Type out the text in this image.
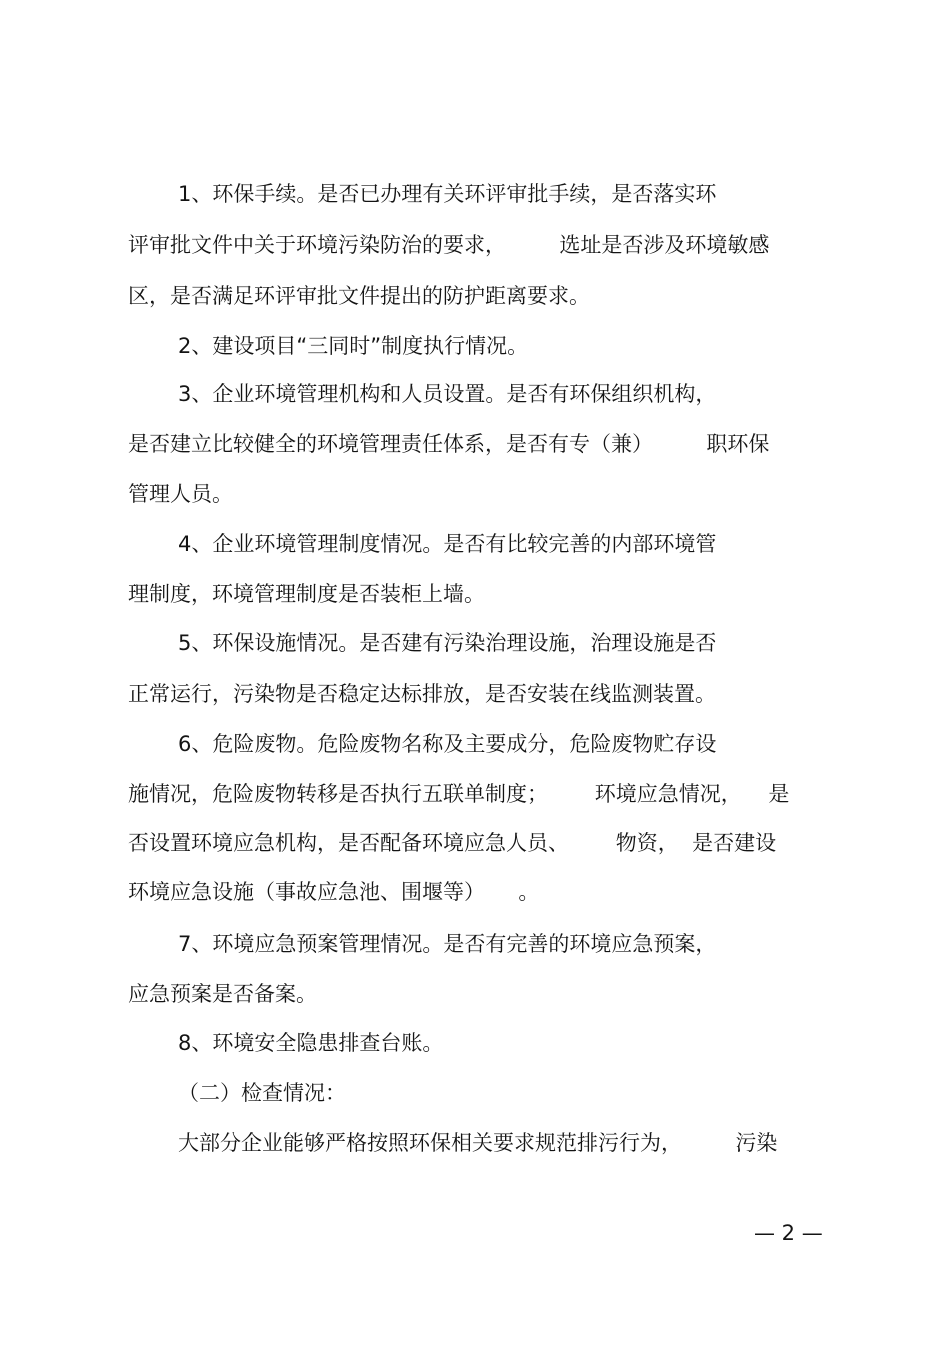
1、环保手续。是否已办理有关环评审批手续，是否落实环

评审批文件中关于环境污染防治的要求，        选址是否涉及环境敏感

区，是否满足环评审批文件提出的防护距离要求。

2、建设项目“三同时”制度执行情况。

3、企业环境管理机构和人员设置。是否有环保组织机构，

是否建立比较健全的环境管理责任体系，是否有专（兼）        职环保

管理人员。

4、企业环境管理制度情况。是否有比较完善的内部环境管

理制度，环境管理制度是否装柜上墙。

5、环保设施情况。是否建有污染治理设施，治理设施是否

正常运行，污染物是否稳定达标排放，是否安装在线监测装置。

6、危险废物。危险废物名称及主要成分，危险废物贮存设

施情况，危险废物转移是否执行五联单制度；       环境应急情况，    是

否设置环境应急机构，是否配备环境应急人员、       物资，  是否建设

环境应急设施（事故应急池、围堰等）     。

7、环境应急预案管理情况。是否有完善的环境应急预案，

应急预案是否备案。

8、环境安全隐患排查台账。

（二）检查情况：

大部分企业能够严格按照环保相关要求规范排污行为，        污染

— 2 —
